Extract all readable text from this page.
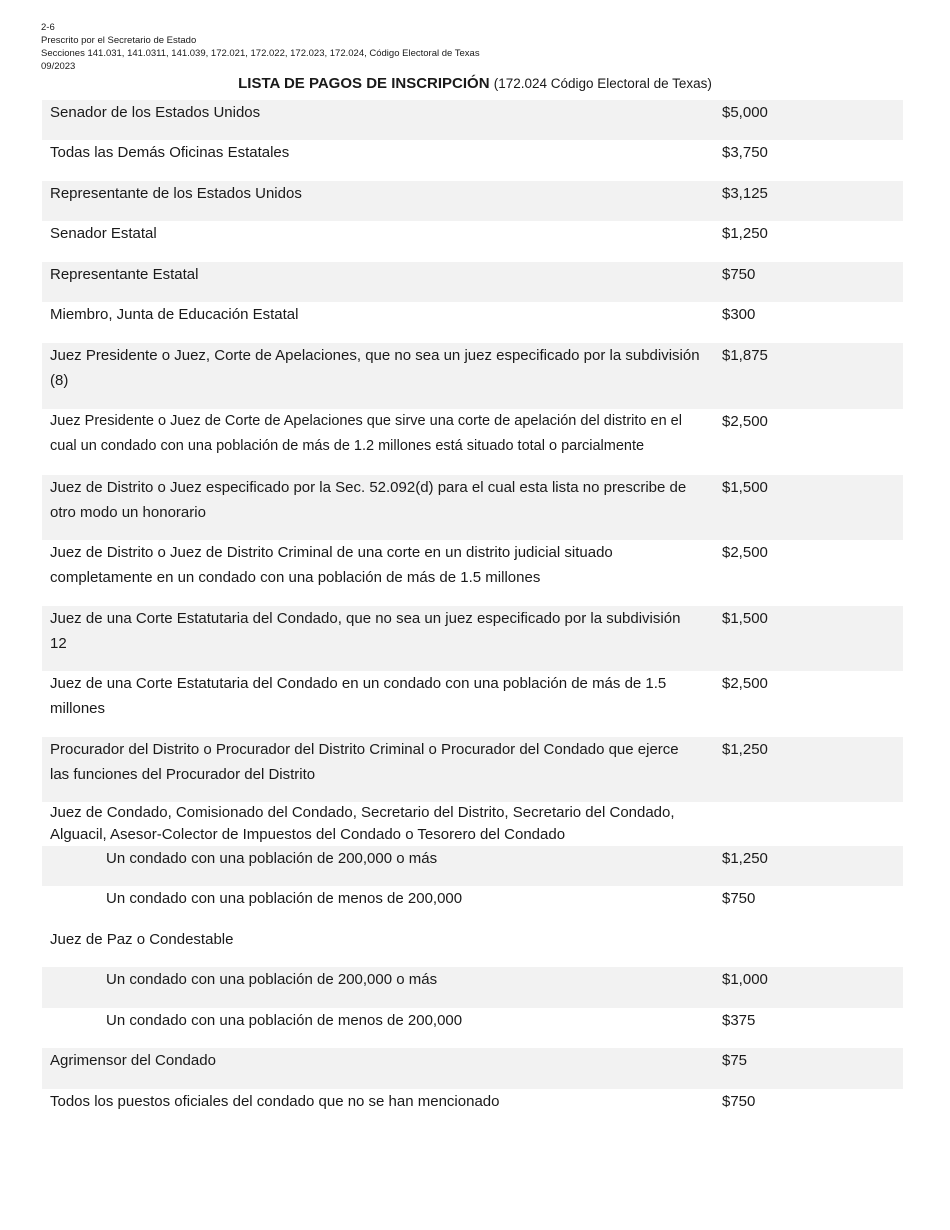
2-6
Prescrito por el Secretario de Estado
Secciones 141.031, 141.0311, 141.039, 172.021, 172.022, 172.023, 172.024, Código Electoral de Texas
09/2023
LISTA DE PAGOS DE INSCRIPCIÓN (172.024 Código Electoral de Texas)
Senador de los Estados Unidos	$5,000
Todas las Demás Oficinas Estatales	$3,750
Representante de los Estados Unidos	$3,125
Senador Estatal	$1,250
Representante Estatal	$750
Miembro, Junta de Educación Estatal	$300
Juez Presidente o Juez, Corte de Apelaciones, que no sea un juez especificado por la subdivisión (8)
$1,875
Juez Presidente o Juez de Corte de Apelaciones que sirve una corte de apelación del distrito en el cual un condado con una población de más de 1.2 millones está situado total o parcialmente
$2,500
Juez de Distrito o Juez especificado por la Sec. 52.092(d) para el cual esta lista no prescribe de otro modo un honorario
$1,500
Juez de Distrito o Juez de Distrito Criminal de una corte en un distrito judicial situado completamente en un condado con una población de más de 1.5 millones
$2,500
Juez de una Corte Estatutaria del Condado, que no sea un juez especificado por la subdivisión 12
$1,500
Juez de una Corte Estatutaria del Condado en un condado con una población de más de 1.5 millones
$2,500
Procurador del Distrito o Procurador del Distrito Criminal o Procurador del Condado que ejerce las funciones del Procurador del Distrito
$1,250
Juez de Condado, Comisionado del Condado, Secretario del Distrito, Secretario del Condado, Alguacil, Asesor-Colector de Impuestos del Condado o Tesorero del Condado
Un condado con una población de 200,000 o más	$1,250
Un condado con una población de menos de 200,000	$750
Juez de Paz o Condestable
Un condado con una población de 200,000 o más	$1,000
Un condado con una población de menos de 200,000	$375
Agrimensor del Condado	$75
Todos los puestos oficiales del condado que no se han mencionado	$750
